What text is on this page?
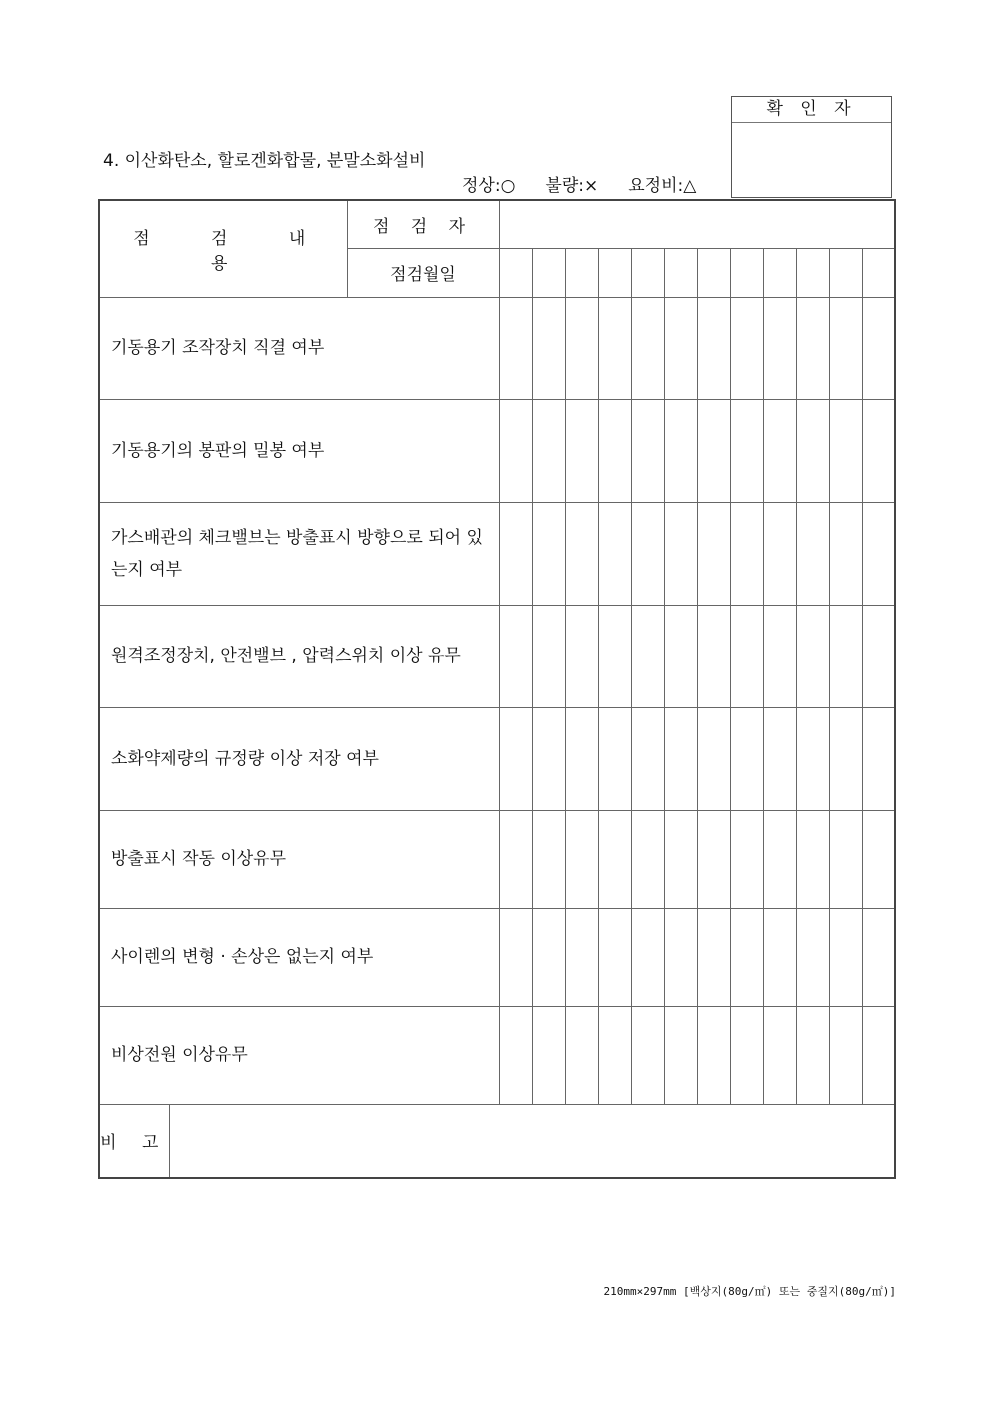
4. 이산화탄소, 할로겐화합물, 분말소화설비
정상:○ 불량:× 요정비:△
확 인 자
점 검 내 용		점 검 자												
		점검월일												
기동용기 조작장치 직결 여부														
기동용기의 봉판의 밀봉 여부														
가스배관의 체크밸브는 방출표시 방향으로 되어 있는지 여부														
원격조정장치, 안전밸브 , 압력스위치 이상 유무														
소화약제량의 규정량 이상 저장 여부														
방출표시 작동 이상유무														
사이렌의 변형 · 손상은 없는지 여부														
비상전원 이상유무														
비 고														
210mm×297mm [백상지(80g/㎡) 또는 중질지(80g/㎡)]
